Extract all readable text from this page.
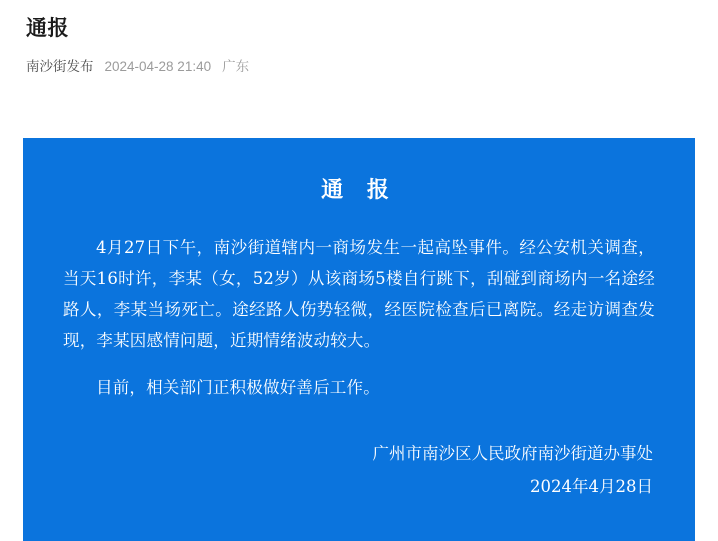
通报
南沙街发布 2024-04-28 21:40 广东
通 报

4月27日下午，南沙街道辖内一商场发生一起高坠事件。经公安机关调查，当天16时许，李某（女，52岁）从该商场5楼自行跳下，刮碰到商场内一名途经路人，李某当场死亡。途经路人伤势轻微，经医院检查后已离院。经走访调查发现，李某因感情问题，近期情绪波动较大。

目前，相关部门正积极做好善后工作。

广州市南沙区人民政府南沙街道办事处
2024年4月28日
